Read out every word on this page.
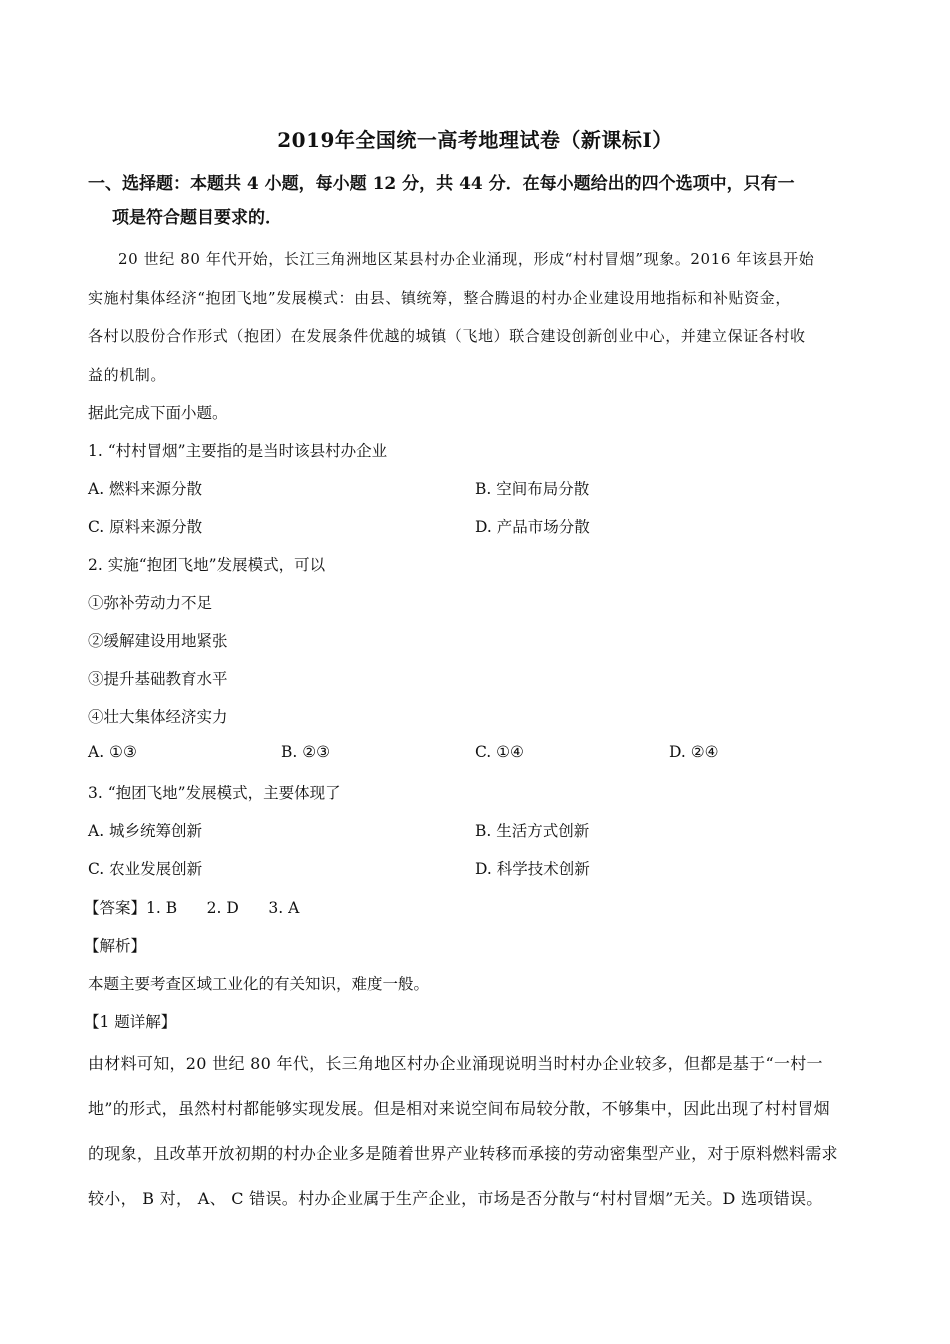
2019年全国统一高考地理试卷（新课标I）
一、选择题：本题共 4 小题，每小题 12 分，共 44 分．在每小题给出的四个选项中，只有一
项是符合题目要求的．
20 世纪 80 年代开始，长江三角洲地区某县村办企业涌现，形成“村村冒烟”现象。2016 年该县开始
实施村集体经济“抱团飞地”发展模式：由县、镇统筹，整合腾退的村办企业建设用地指标和补贴资金，
各村以股份合作形式（抱团）在发展条件优越的城镇（飞地）联合建设创新创业中心，并建立保证各村收
益的机制。
据此完成下面小题。
1. “村村冒烟”主要指的是当时该县村办企业
A. 燃料来源分散	B. 空间布局分散
C. 原料来源分散	D. 产品市场分散
2. 实施“抱团飞地”发展模式，可以
①弥补劳动力不足
②缓解建设用地紧张
③提升基础教育水平
④壮大集体经济实力
A. ①③	B. ②③	C. ①④	D. ②④
3. “抱团飞地”发展模式，主要体现了
A. 城乡统筹创新	B. 生活方式创新
C. 农业发展创新	D. 科学技术创新
【答案】1. B      2. D      3. A
【解析】
本题主要考查区域工业化的有关知识，难度一般。
【1 题详解】
由材料可知，20 世纪 80 年代，长三角地区村办企业涌现说明当时村办企业较多，但都是基于“一村一
地”的形式，虽然村村都能够实现发展。但是相对来说空间布局较分散，不够集中，因此出现了村村冒烟
的现象，且改革开放初期的村办企业多是随着世界产业转移而承接的劳动密集型产业，对于原料燃料需求
较小， B 对， A、 C 错误。村办企业属于生产企业，市场是否分散与“村村冒烟”无关。D 选项错误。
